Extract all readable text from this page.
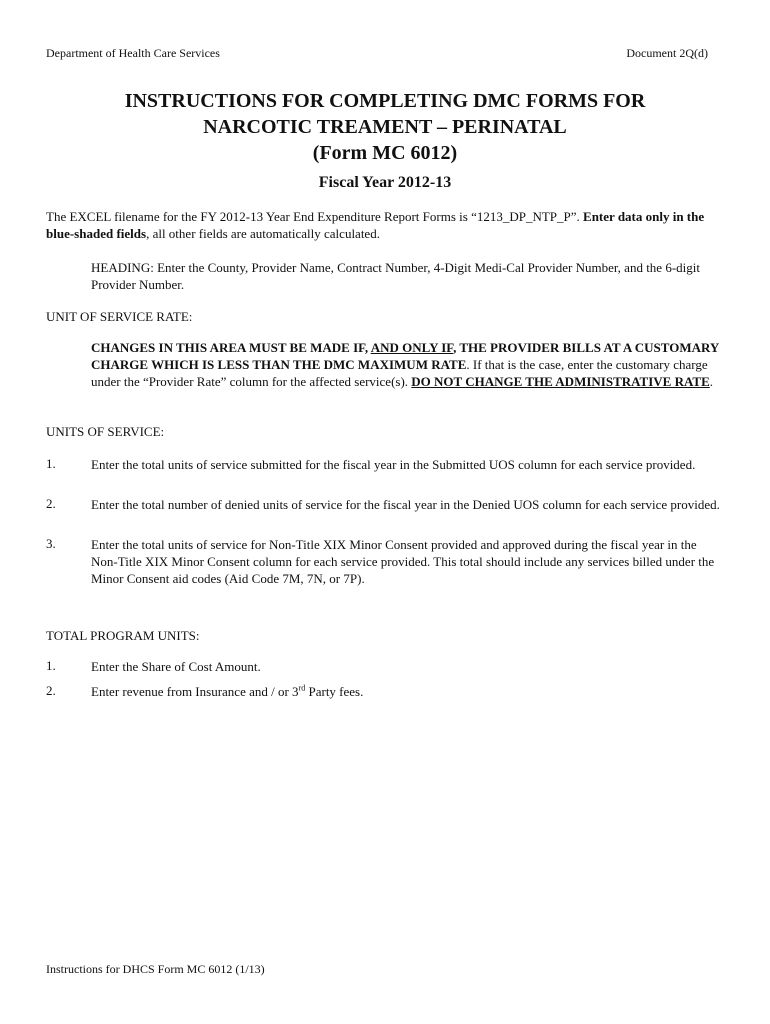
Department of Health Care Services	Document 2Q(d)
INSTRUCTIONS FOR COMPLETING DMC FORMS FOR
NARCOTIC TREAMENT – PERINATAL
(Form MC 6012)
Fiscal Year 2012-13
The EXCEL filename for the FY 2012-13 Year End Expenditure Report Forms is “1213_DP_NTP_P”. Enter data only in the blue-shaded fields, all other fields are automatically calculated.
HEADING: Enter the County, Provider Name, Contract Number, 4-Digit Medi-Cal Provider Number, and the 6-digit Provider Number.
UNIT OF SERVICE RATE:
CHANGES IN THIS AREA MUST BE MADE IF, AND ONLY IF, THE PROVIDER BILLS AT A CUSTOMARY CHARGE WHICH IS LESS THAN THE DMC MAXIMUM RATE. If that is the case, enter the customary charge under the “Provider Rate” column for the affected service(s). DO NOT CHANGE THE ADMINISTRATIVE RATE.
UNITS OF SERVICE:
1.	Enter the total units of service submitted for the fiscal year in the Submitted UOS column for each service provided.
2.	Enter the total number of denied units of service for the fiscal year in the Denied UOS column for each service provided.
3.	Enter the total units of service for Non-Title XIX Minor Consent provided and approved during the fiscal year in the Non-Title XIX Minor Consent column for each service provided. This total should include any services billed under the Minor Consent aid codes (Aid Code 7M, 7N, or 7P).
TOTAL PROGRAM UNITS:
1.	Enter the Share of Cost Amount.
2.	Enter revenue from Insurance and / or 3rd Party fees.
Instructions for DHCS Form MC 6012 (1/13)
